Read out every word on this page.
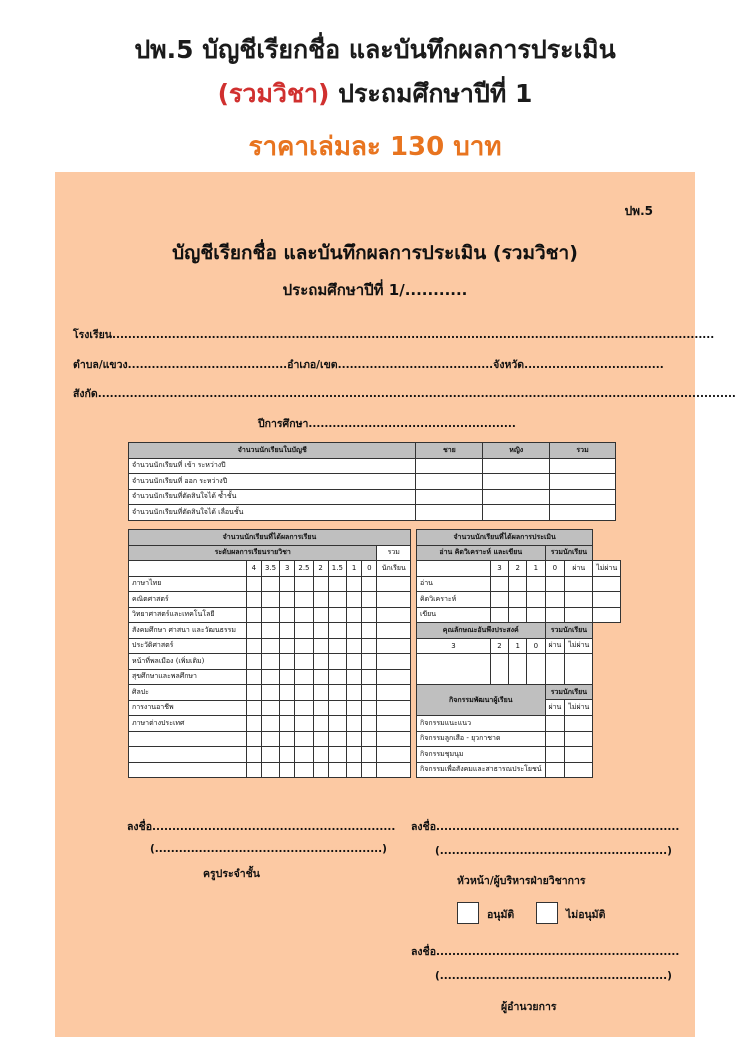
ปพ.5 บัญชีเรียกชื่อ และบันทึกผลการประเมิน
(รวมวิชา) ประถมศึกษาปีที่ 1
ราคาเล่มละ 130 บาท
ปพ.5
บัญชีเรียกชื่อ และบันทึกผลการประเมิน (รวมวิชา)
ประถมศึกษาปีที่ 1/...........
โรงเรียน.......................................................................................................................................................
ตำบล/แขวง........................................อำเภอ/เขต.......................................จังหวัด...................................
สังกัด................................................................................................................................................................
ปีการศึกษา....................................................
จำนวนนักเรียนในบัญชี	ชาย	หญิง	รวม
จำนวนนักเรียนที่ เข้า ระหว่างปี			
จำนวนนักเรียนที่ ออก ระหว่างปี			
จำนวนนักเรียนที่ตัดสินใจได้ ซ้ำชั้น			
จำนวนนักเรียนที่ตัดสินใจได้ เลื่อนชั้น			
จำนวนนักเรียนที่ได้ผลการเรียน									
ระดับผลการเรียนรายวิชา									รวม
	4	3.5	3	2.5	2	1.5	1	0	นักเรียน
ภาษาไทย									
คณิตศาสตร์									
วิทยาศาสตร์และเทคโนโลยี									
สังคมศึกษา ศาสนา และวัฒนธรรม									
ประวัติศาสตร์									
หน้าที่พลเมือง (เพิ่มเติม)									
สุขศึกษาและพลศึกษา									
ศิลปะ									
การงานอาชีพ									
ภาษาต่างประเทศ									

จำนวนนักเรียนที่ได้ผลการประเมิน						
อ่าน คิดวิเคราะห์ และเขียน				รวมนักเรียน		
	3	2	1	0	ผ่าน	ไม่ผ่าน
อ่าน						
คิดวิเคราะห์						
เขียน						
คุณลักษณะอันพึงประสงค์				รวมนักเรียน		
3	2	1	0	ผ่าน	ไม่ผ่าน	

กิจกรรมพัฒนาผู้เรียน				รวมนักเรียน		
				ผ่าน	ไม่ผ่าน	
กิจกรรมแนะแนว						
กิจกรรมลูกเสือ - ยุวกาชาด						
กิจกรรมชุมนุม						
กิจกรรมเพื่อสังคมและสาธารณประโยชน์						
ลงชื่อ.............................................................
(.........................................................)
ครูประจำชั้น
ลงชื่อ.............................................................
(.........................................................)
หัวหน้า/ผู้บริหารฝ่ายวิชาการ
อนุมัติ	ไม่อนุมัติ
ลงชื่อ.............................................................
(.........................................................)
ผู้อำนวยการ
